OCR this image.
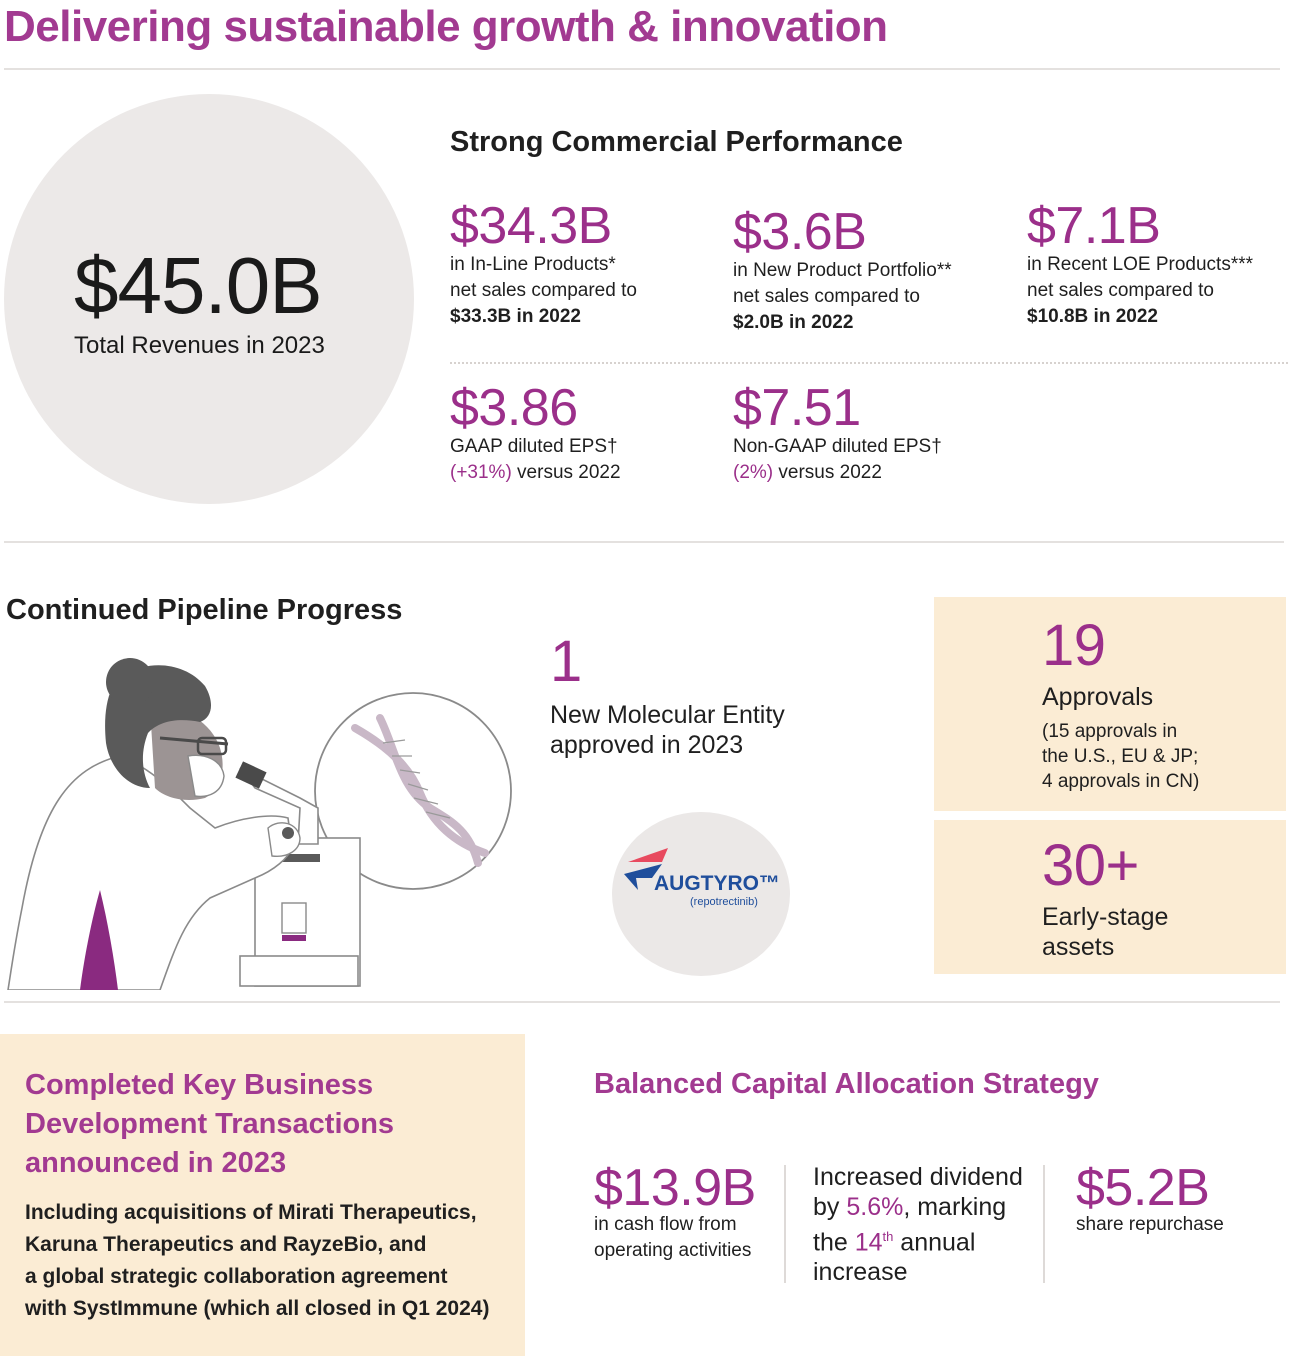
Delivering sustainable growth & innovation
$45.0B
Total Revenues in 2023
Strong Commercial Performance
$34.3B
in In-Line Products*
net sales compared to
$33.3B in 2022
$3.6B
in New Product Portfolio**
net sales compared to
$2.0B in 2022
$7.1B
in Recent LOE Products***
net sales compared to
$10.8B in 2022
$3.86
GAAP diluted EPS†
(+31%) versus 2022
$7.51
Non-GAAP diluted EPS†
(2%) versus 2022
Continued Pipeline Progress
1
New Molecular Entity
approved in 2023
AUGTYRO™
(repotrectinib)
19
Approvals
(15 approvals in
the U.S., EU & JP;
4 approvals in CN)
30+
Early-stage
assets
Completed Key Business
Development Transactions
announced in 2023
Including acquisitions of Mirati Therapeutics,
Karuna Therapeutics and RayzeBio, and
a global strategic collaboration agreement
with SystImmune (which all closed in Q1 2024)
Balanced Capital Allocation Strategy
$13.9B
in cash flow from
operating activities
Increased dividend
by 5.6%, marking
the 14th annual
increase
$5.2B
share repurchase
